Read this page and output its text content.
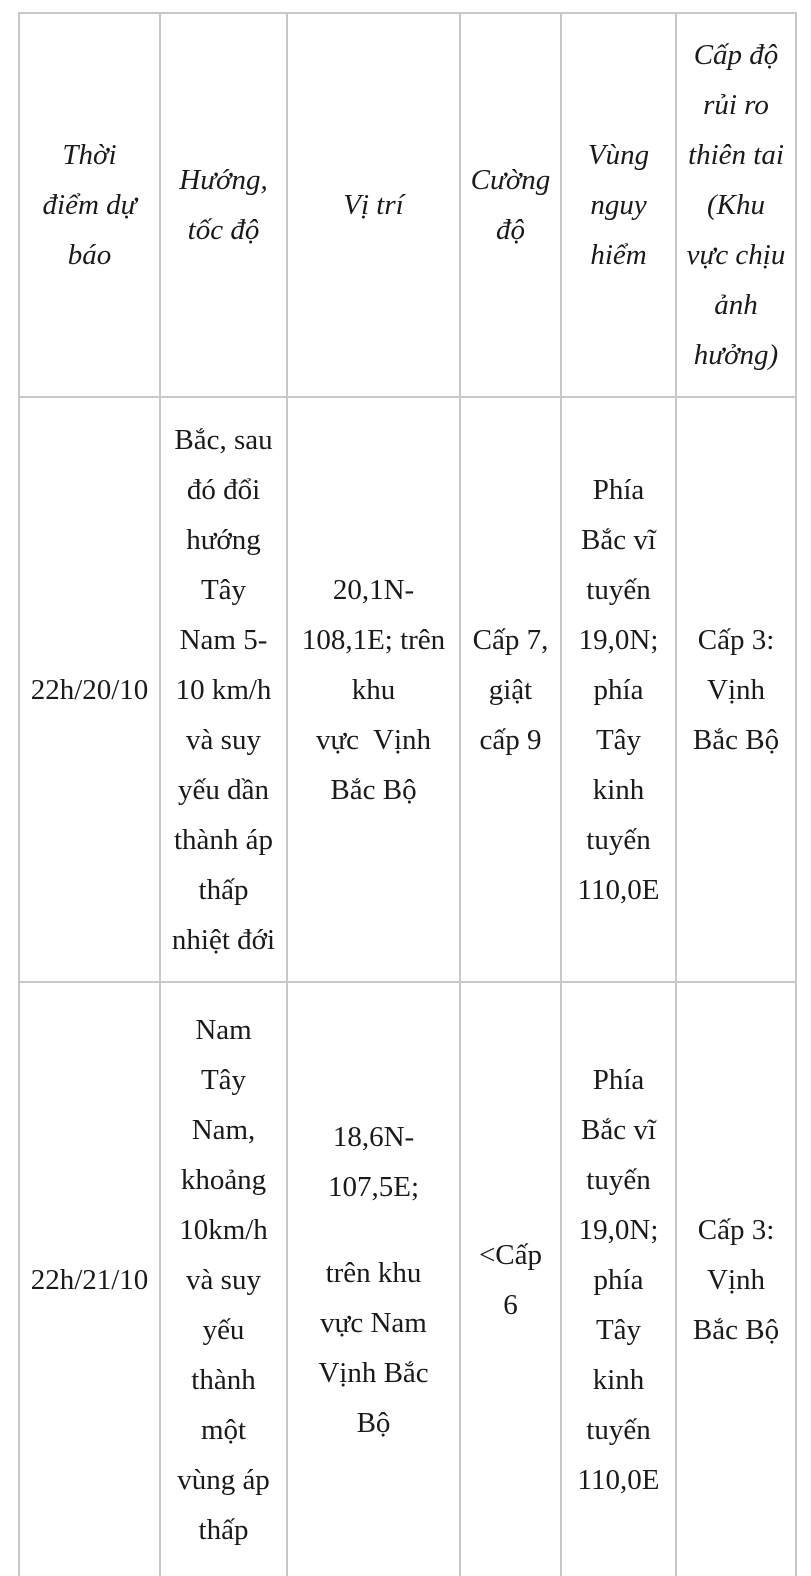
Thời
điểm dự
báo
Hướng,
tốc độ
Vị trí
Cường
độ
Vùng
nguy
hiểm
Cấp độ
rủi ro
thiên tai
(Khu
vực chịu
ảnh
hưởng)
22h/20/10
Bắc, sau
đó đổi
hướng
Tây
Nam 5-
10 km/h
và suy
yếu dần
thành áp
thấp
nhiệt đới
20,1N-
108,1E; trên
khu
vực  Vịnh
Bắc Bộ
Cấp 7,
giật
cấp 9
Phía
Bắc vĩ
tuyến
19,0N;
phía
Tây
kinh
tuyến
110,0E
Cấp 3:
Vịnh
Bắc Bộ
22h/21/10
Nam
Tây
Nam,
khoảng
10km/h
và suy
yếu
thành
một
vùng áp
thấp
18,6N-
107,5E;
trên khu
vực Nam
Vịnh Bắc
Bộ
<Cấp
6
Phía
Bắc vĩ
tuyến
19,0N;
phía
Tây
kinh
tuyến
110,0E
Cấp 3:
Vịnh
Bắc Bộ
